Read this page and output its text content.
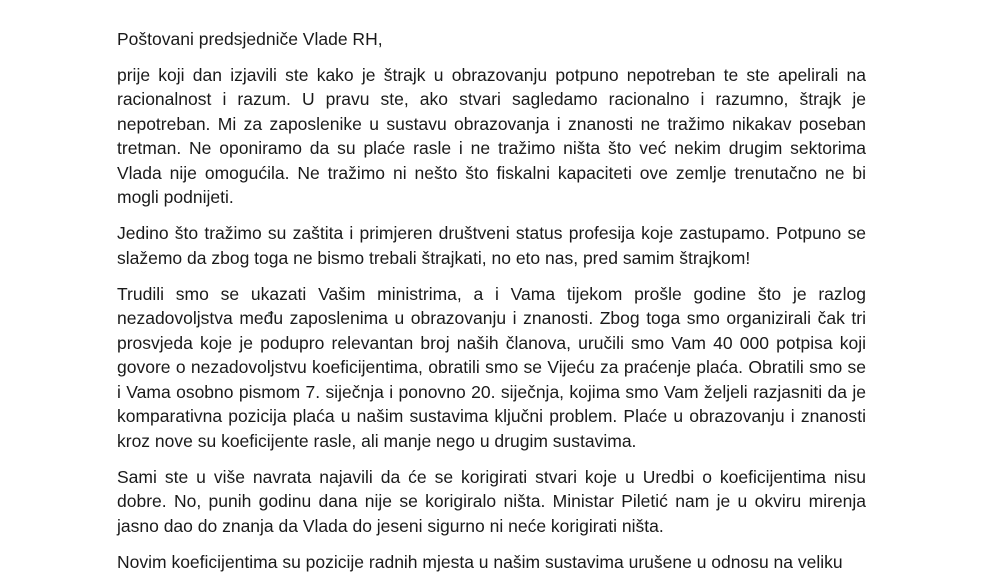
Poštovani predsjedniče Vlade RH,

prije koji dan izjavili ste kako je štrajk u obrazovanju potpuno nepotreban te ste apelirali na racionalnost i razum. U pravu ste, ako stvari sagledamo racionalno i razumno, štrajk je nepotreban. Mi za zaposlenike u sustavu obrazovanja i znanosti ne tražimo nikakav poseban tretman. Ne oponiramo da su plaće rasle i ne tražimo ništa što već nekim drugim sektorima Vlada nije omogućila. Ne tražimo ni nešto što fiskalni kapaciteti ove zemlje trenutačno ne bi mogli podnijeti.

Jedino što tražimo su zaštita i primjeren društveni status profesija koje zastupamo. Potpuno se slažemo da zbog toga ne bismo trebali štrajkati, no eto nas, pred samim štrajkom!

Trudili smo se ukazati Vašim ministrima, a i Vama tijekom prošle godine što je razlog nezadovoljstva među zaposlenima u obrazovanju i znanosti. Zbog toga smo organizirali čak tri prosvjeda koje je podupro relevantan broj naših članova, uručili smo Vam 40 000 potpisa koji govore o nezadovoljstvu koeficijentima, obratili smo se Vijeću za praćenje plaća. Obratili smo se i Vama osobno pismom 7. siječnja i ponovno 20. siječnja, kojima smo Vam željeli razjasniti da je komparativna pozicija plaća u našim sustavima ključni problem. Plaće u obrazovanju i znanosti kroz nove su koeficijente rasle, ali manje nego u drugim sustavima.

Sami ste u više navrata najavili da će se korigirati stvari koje u Uredbi o koeficijentima nisu dobre. No, punih godinu dana nije se korigiralo ništa. Ministar Piletić nam je u okviru mirenja jasno dao do znanja da Vlada do jeseni sigurno ni neće korigirati ništa.

Novim koeficijentima su pozicije radnih mjesta u našim sustavima urušene u odnosu na veliku
